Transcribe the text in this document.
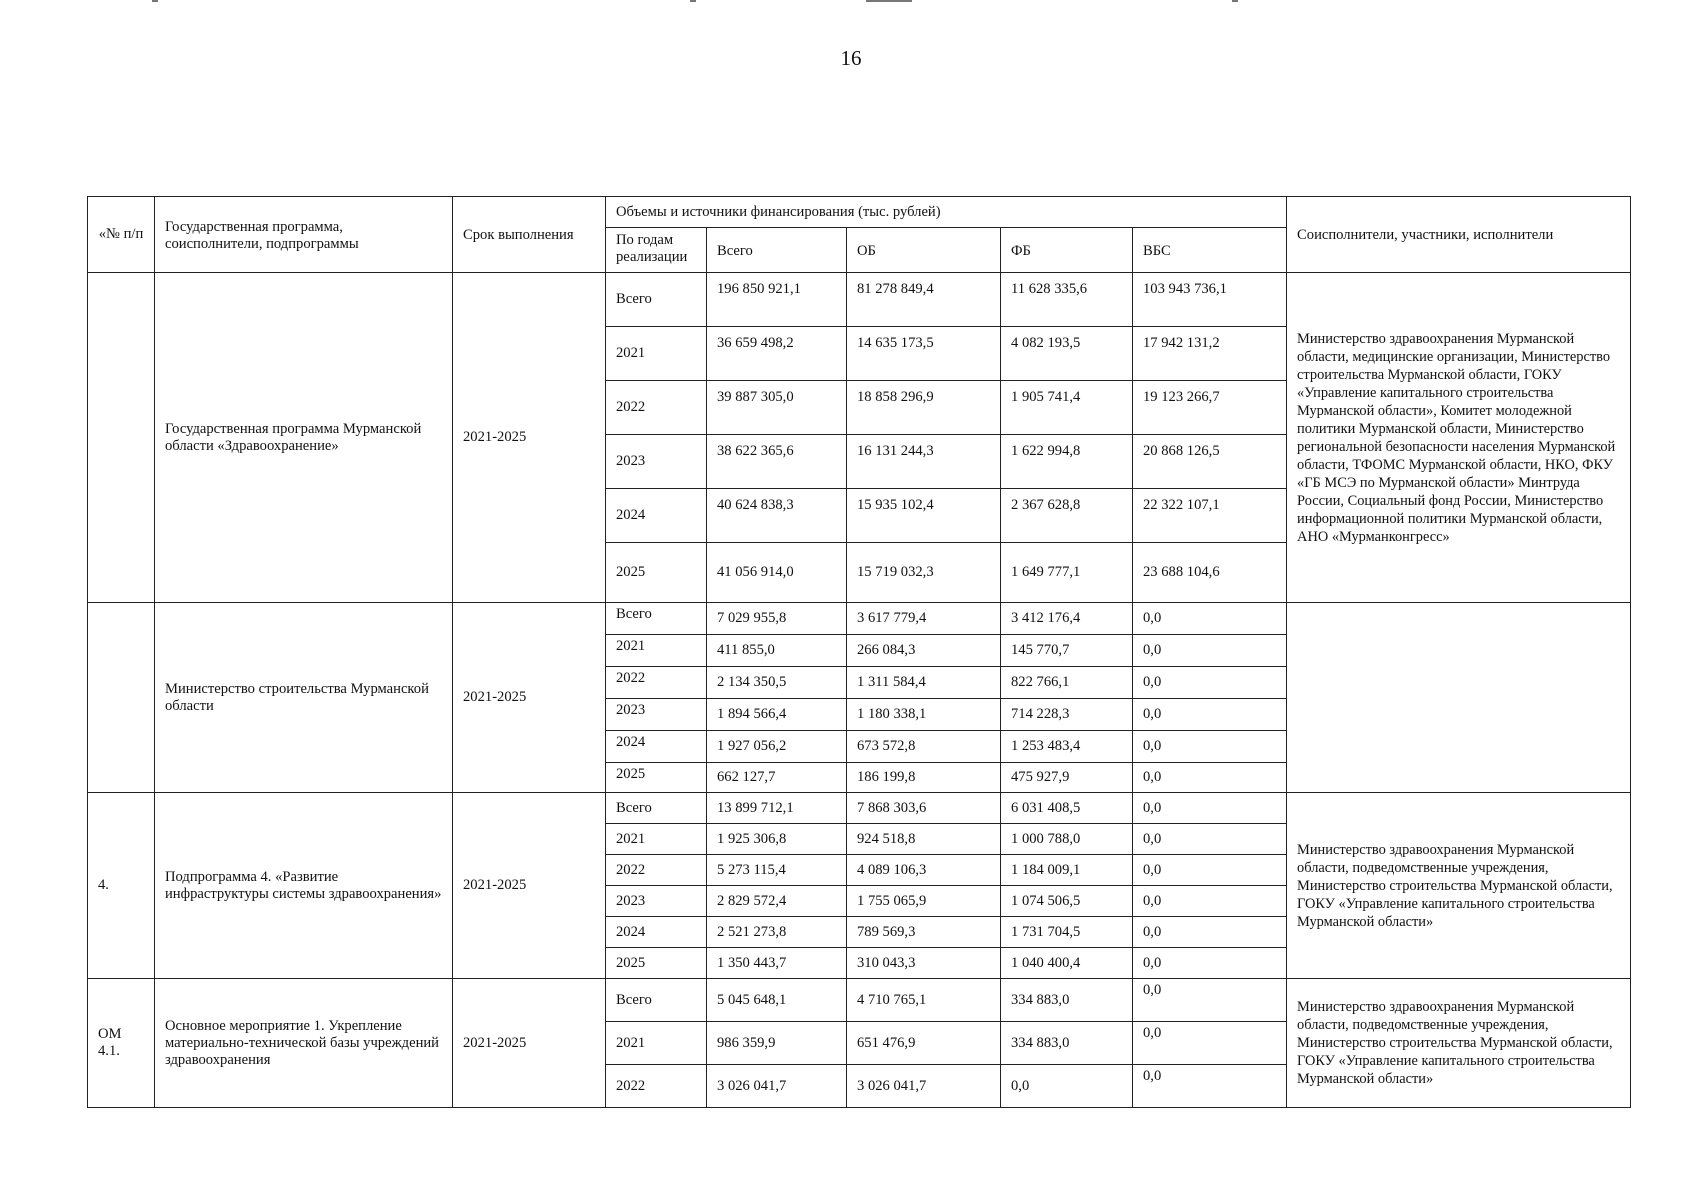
16
«№ п/п	Государственная программа, соисполнители, подпрограммы	Срок выполнения	Объемы и источники финансирования (тыс. рублей)					Соисполнители, участники, исполнители
			По годам реализации	Всего	ОБ	ФБ	ВБС	
	Государственная программа Мурманской области «Здравоохранение»	2021-2025	Всего	196 850 921,1	81 278 849,4	11 628 335,6	103 943 736,1	Министерство здравоохранения Мурманской области, медицинские организации, Министерство строительства Мурманской области, ГОКУ «Управление капитального строительства Мурманской области», Комитет молодежной политики Мурманской области, Министерство региональной безопасности населения Мурманской области, ТФОМС Мурманской области, НКО, ФКУ «ГБ МСЭ по Мурманской области» Минтруда России, Социальный фонд России, Министерство информационной политики Мурманской области, АНО «Мурманконгресс»
			2021	36 659 498,2	14 635 173,5	4 082 193,5	17 942 131,2	
			2022	39 887 305,0	18 858 296,9	1 905 741,4	19 123 266,7	
			2023	38 622 365,6	16 131 244,3	1 622 994,8	20 868 126,5	
			2024	40 624 838,3	15 935 102,4	2 367 628,8	22 322 107,1	
			2025	41 056 914,0	15 719 032,3	1 649 777,1	23 688 104,6	
	Министерство строительства Мурманской области	2021-2025	Всего	7 029 955,8	3 617 779,4	3 412 176,4	0,0	
			2021	411 855,0	266 084,3	145 770,7	0,0	
			2022	2 134 350,5	1 311 584,4	822 766,1	0,0	
			2023	1 894 566,4	1 180 338,1	714 228,3	0,0	
			2024	1 927 056,2	673 572,8	1 253 483,4	0,0	
			2025	662 127,7	186 199,8	475 927,9	0,0	
4.	Подпрограмма 4. «Развитие инфраструктуры системы здравоохранения»	2021-2025	Всего	13 899 712,1	7 868 303,6	6 031 408,5	0,0	Министерство здравоохранения Мурманской области, подведомственные учреждения, Министерство строительства Мурманской области, ГОКУ «Управление капитального строительства Мурманской области»
			2021	1 925 306,8	924 518,8	1 000 788,0	0,0	
			2022	5 273 115,4	4 089 106,3	1 184 009,1	0,0	
			2023	2 829 572,4	1 755 065,9	1 074 506,5	0,0	
			2024	2 521 273,8	789 569,3	1 731 704,5	0,0	
			2025	1 350 443,7	310 043,3	1 040 400,4	0,0	
ОМ 4.1.	Основное мероприятие 1. Укрепление материально-технической базы учреждений здравоохранения	2021-2025	Всего	5 045 648,1	4 710 765,1	334 883,0	0,0	Министерство здравоохранения Мурманской области, подведомственные учреждения, Министерство строительства Мурманской области, ГОКУ «Управление капитального строительства Мурманской области»
			2021	986 359,9	651 476,9	334 883,0	0,0	
			2022	3 026 041,7	3 026 041,7	0,0	0,0	
